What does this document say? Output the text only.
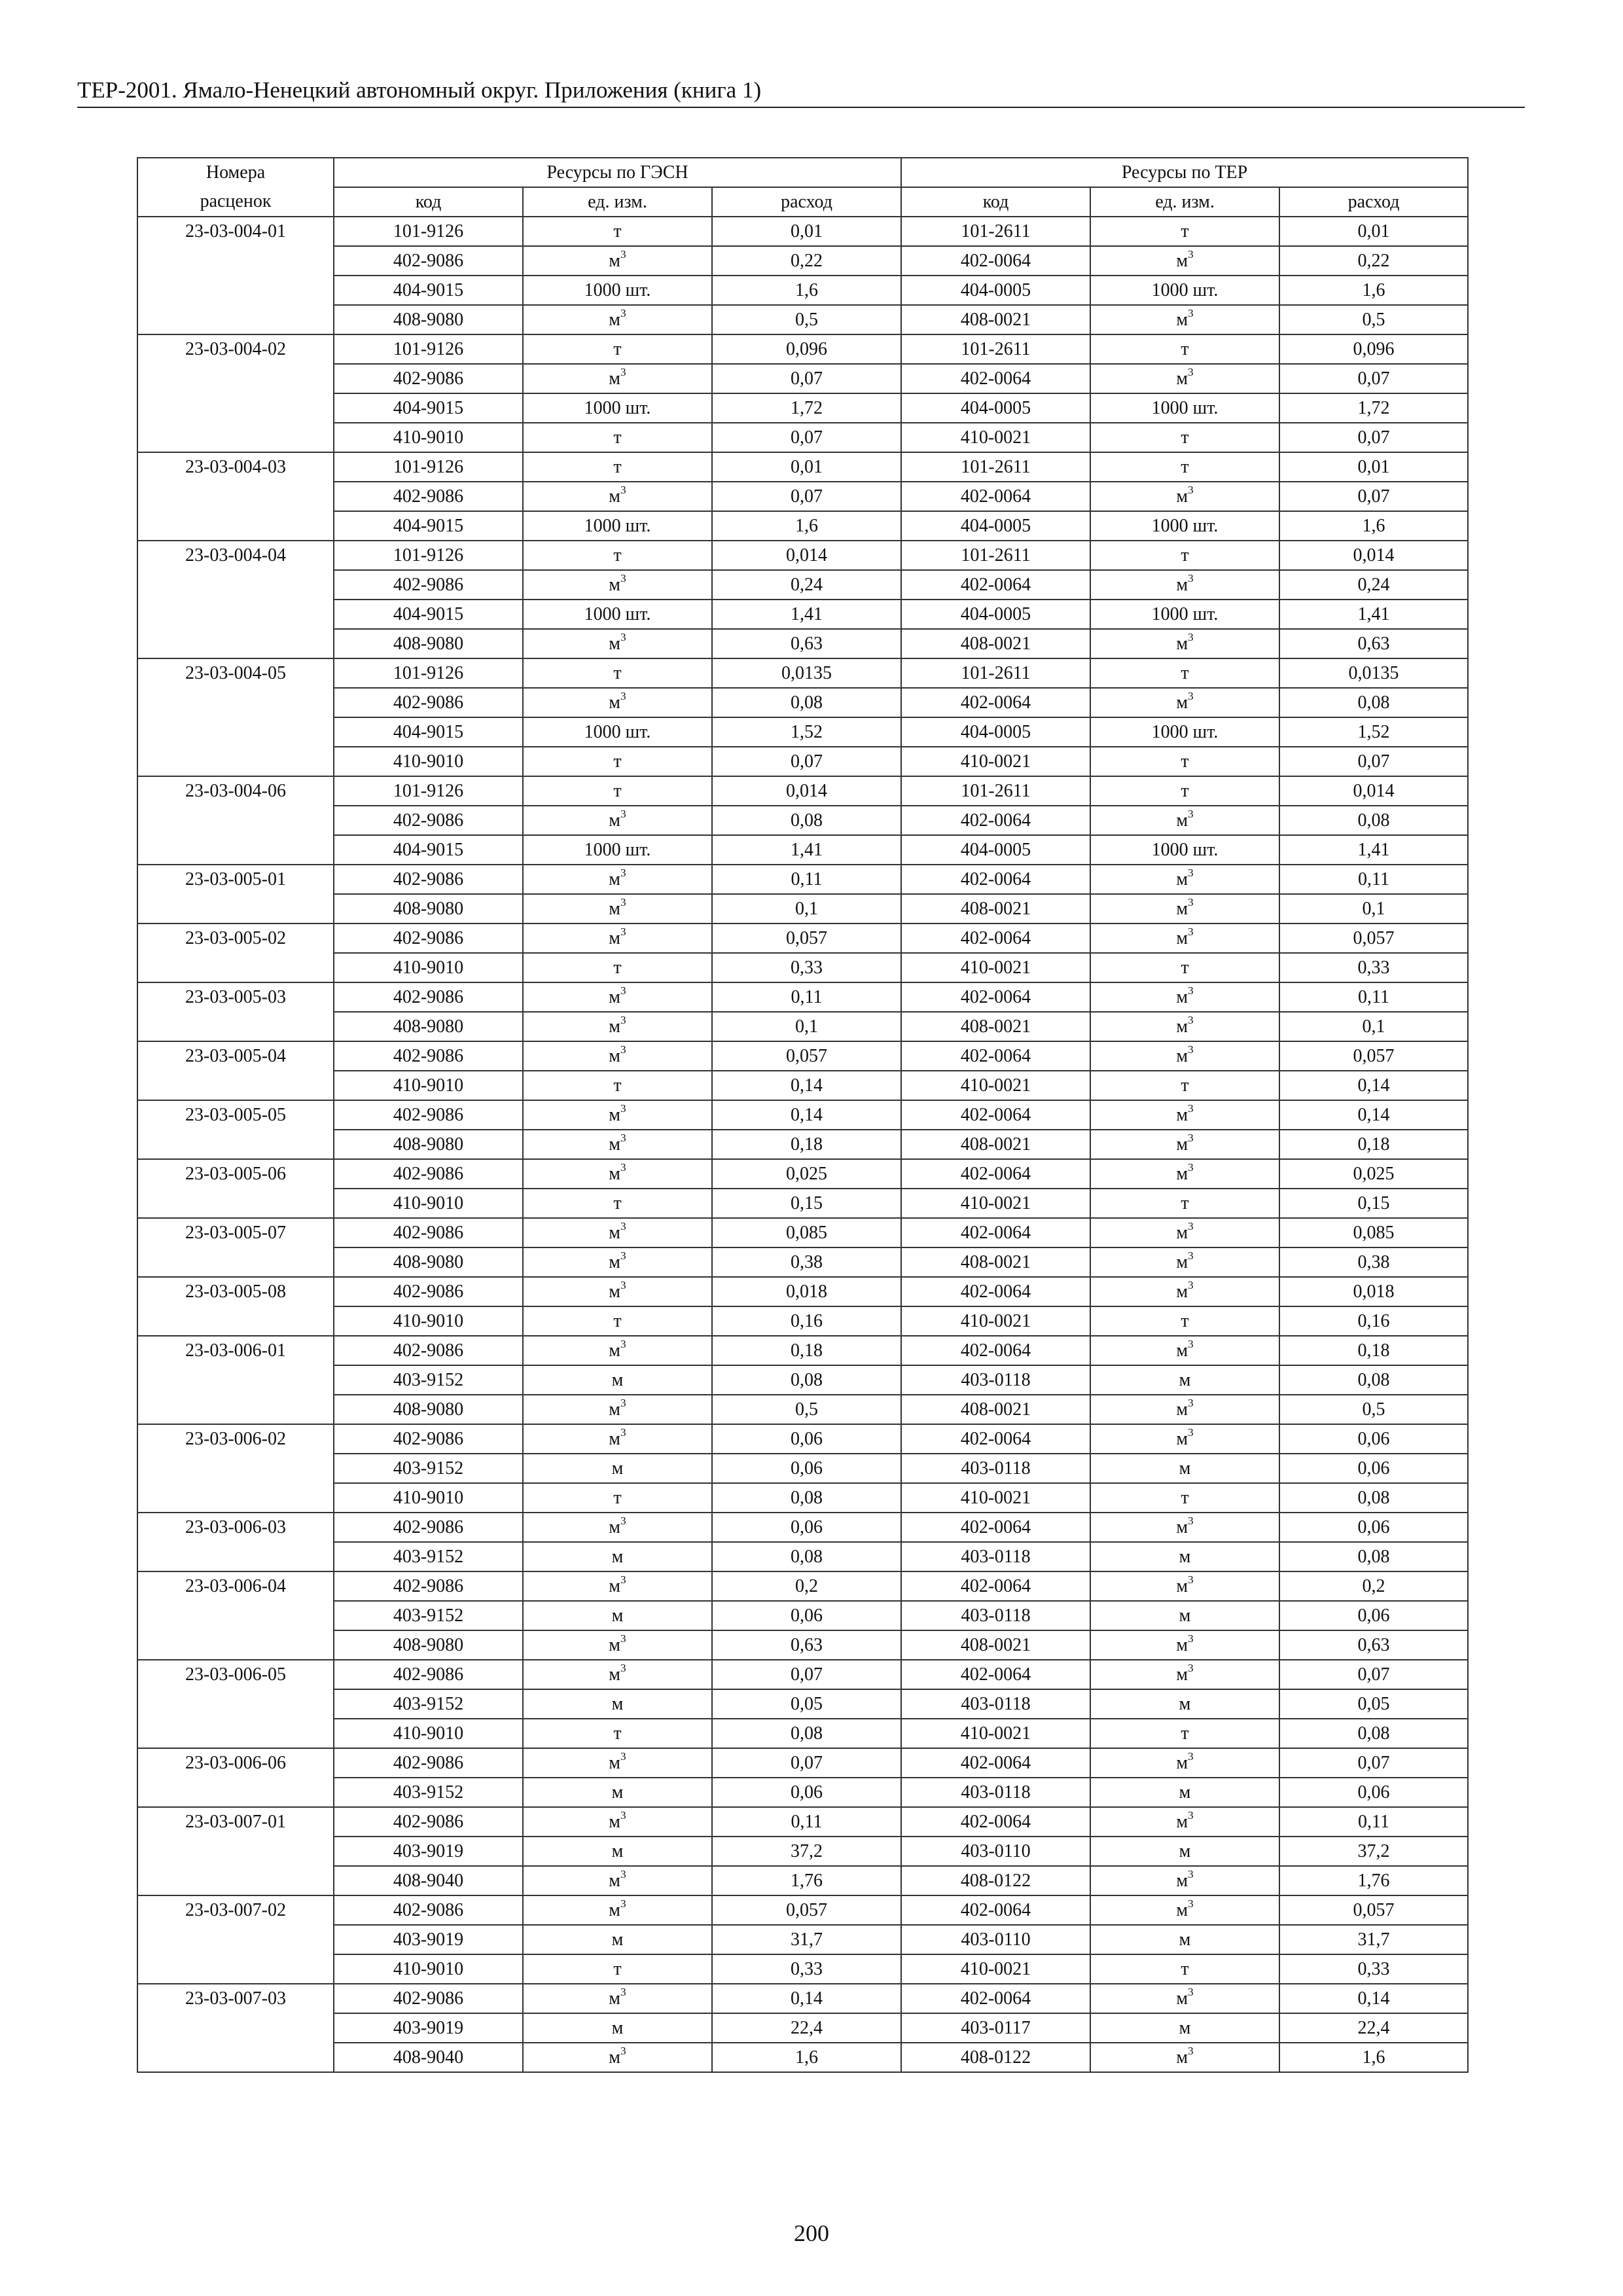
ТЕР-2001. Ямало-Ненецкий автономный округ. Приложения (книга 1)
Номера	Ресурсы по ГЭСН			Ресурсы по ТЕР		
расценок	код	ед. изм.	расход	код	ед. изм.	расход
23-03-004-01	101-9126	т	0,01	101-2611	т	0,01
	402-9086	$м^3$	0,22	402-0064	$м^3$	0,22
	404-9015	1000 шт.	1,6	404-0005	1000 шт.	1,6
	408-9080	$м^3$	0,5	408-0021	$м^3$	0,5
23-03-004-02	101-9126	т	0,096	101-2611	т	0,096
	402-9086	$м^3$	0,07	402-0064	$м^3$	0,07
	404-9015	1000 шт.	1,72	404-0005	1000 шт.	1,72
	410-9010	т	0,07	410-0021	т	0,07
23-03-004-03	101-9126	т	0,01	101-2611	т	0,01
	402-9086	$м^3$	0,07	402-0064	$м^3$	0,07
	404-9015	1000 шт.	1,6	404-0005	1000 шт.	1,6
23-03-004-04	101-9126	т	0,014	101-2611	т	0,014
	402-9086	$м^3$	0,24	402-0064	$м^3$	0,24
	404-9015	1000 шт.	1,41	404-0005	1000 шт.	1,41
	408-9080	$м^3$	0,63	408-0021	$м^3$	0,63
23-03-004-05	101-9126	т	0,0135	101-2611	т	0,0135
	402-9086	$м^3$	0,08	402-0064	$м^3$	0,08
	404-9015	1000 шт.	1,52	404-0005	1000 шт.	1,52
	410-9010	т	0,07	410-0021	т	0,07
23-03-004-06	101-9126	т	0,014	101-2611	т	0,014
	402-9086	$м^3$	0,08	402-0064	$м^3$	0,08
	404-9015	1000 шт.	1,41	404-0005	1000 шт.	1,41
23-03-005-01	402-9086	$м^3$	0,11	402-0064	$м^3$	0,11
	408-9080	$м^3$	0,1	408-0021	$м^3$	0,1
23-03-005-02	402-9086	$м^3$	0,057	402-0064	$м^3$	0,057
	410-9010	т	0,33	410-0021	т	0,33
23-03-005-03	402-9086	$м^3$	0,11	402-0064	$м^3$	0,11
	408-9080	$м^3$	0,1	408-0021	$м^3$	0,1
23-03-005-04	402-9086	$м^3$	0,057	402-0064	$м^3$	0,057
	410-9010	т	0,14	410-0021	т	0,14
23-03-005-05	402-9086	$м^3$	0,14	402-0064	$м^3$	0,14
	408-9080	$м^3$	0,18	408-0021	$м^3$	0,18
23-03-005-06	402-9086	$м^3$	0,025	402-0064	$м^3$	0,025
	410-9010	т	0,15	410-0021	т	0,15
23-03-005-07	402-9086	$м^3$	0,085	402-0064	$м^3$	0,085
	408-9080	$м^3$	0,38	408-0021	$м^3$	0,38
23-03-005-08	402-9086	$м^3$	0,018	402-0064	$м^3$	0,018
	410-9010	т	0,16	410-0021	т	0,16
23-03-006-01	402-9086	$м^3$	0,18	402-0064	$м^3$	0,18
	403-9152	м	0,08	403-0118	м	0,08
	408-9080	$м^3$	0,5	408-0021	$м^3$	0,5
23-03-006-02	402-9086	$м^3$	0,06	402-0064	$м^3$	0,06
	403-9152	м	0,06	403-0118	м	0,06
	410-9010	т	0,08	410-0021	т	0,08
23-03-006-03	402-9086	$м^3$	0,06	402-0064	$м^3$	0,06
	403-9152	м	0,08	403-0118	м	0,08
23-03-006-04	402-9086	$м^3$	0,2	402-0064	$м^3$	0,2
	403-9152	м	0,06	403-0118	м	0,06
	408-9080	$м^3$	0,63	408-0021	$м^3$	0,63
23-03-006-05	402-9086	$м^3$	0,07	402-0064	$м^3$	0,07
	403-9152	м	0,05	403-0118	м	0,05
	410-9010	т	0,08	410-0021	т	0,08
23-03-006-06	402-9086	$м^3$	0,07	402-0064	$м^3$	0,07
	403-9152	м	0,06	403-0118	м	0,06
23-03-007-01	402-9086	$м^3$	0,11	402-0064	$м^3$	0,11
	403-9019	м	37,2	403-0110	м	37,2
	408-9040	$м^3$	1,76	408-0122	$м^3$	1,76
23-03-007-02	402-9086	$м^3$	0,057	402-0064	$м^3$	0,057
	403-9019	м	31,7	403-0110	м	31,7
	410-9010	т	0,33	410-0021	т	0,33
23-03-007-03	402-9086	$м^3$	0,14	402-0064	$м^3$	0,14
	403-9019	м	22,4	403-0117	м	22,4
	408-9040	$м^3$	1,6	408-0122	$м^3$	1,6
200
